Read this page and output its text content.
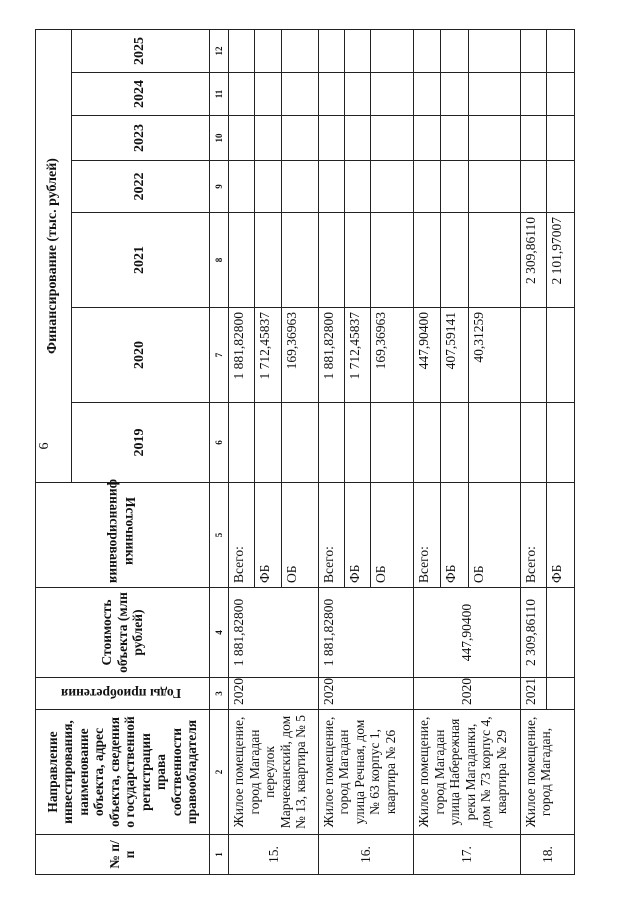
6
№ п/п	Направление инвестирования, наименование объекта, адрес объекта, сведения о государственной регистрации права собственности правообладателя	Годы приобретения	Стоимость объекта (млн рублей)	Источники финансирования	Финансирование (тыс. рублей)						
					2019	2020	2021	2022	2023	2024	2025
1	2	3	4	5	6	7	8	9	10	11	12
15.	Жилое помещение, город Магадан переулок Марчеканский, дом № 13, квартира № 5	2020	1 881,82800	Всего:		1 881,82800					
				ФБ		1 712,45837					
				ОБ		169,36963					
16.	Жилое помещение, город Магадан улица Речная, дом № 63 корпус 1, квартира № 26	2020	1 881,82800	Всего:		1 881,82800					
				ФБ		1 712,45837					
				ОБ		169,36963					
17.	Жилое помещение, город Магадан улица Набережная реки Магаданки, дом № 73 корпус 4, квартира № 29	2020	447,90400	Всего:		447,90400					
				ФБ		407,59141					
				ОБ		40,31259					
18.	Жилое помещение, город Магадан,	2021	2 309,86110	Всего:			2 309,86110				
				ФБ			2 101,97007				
